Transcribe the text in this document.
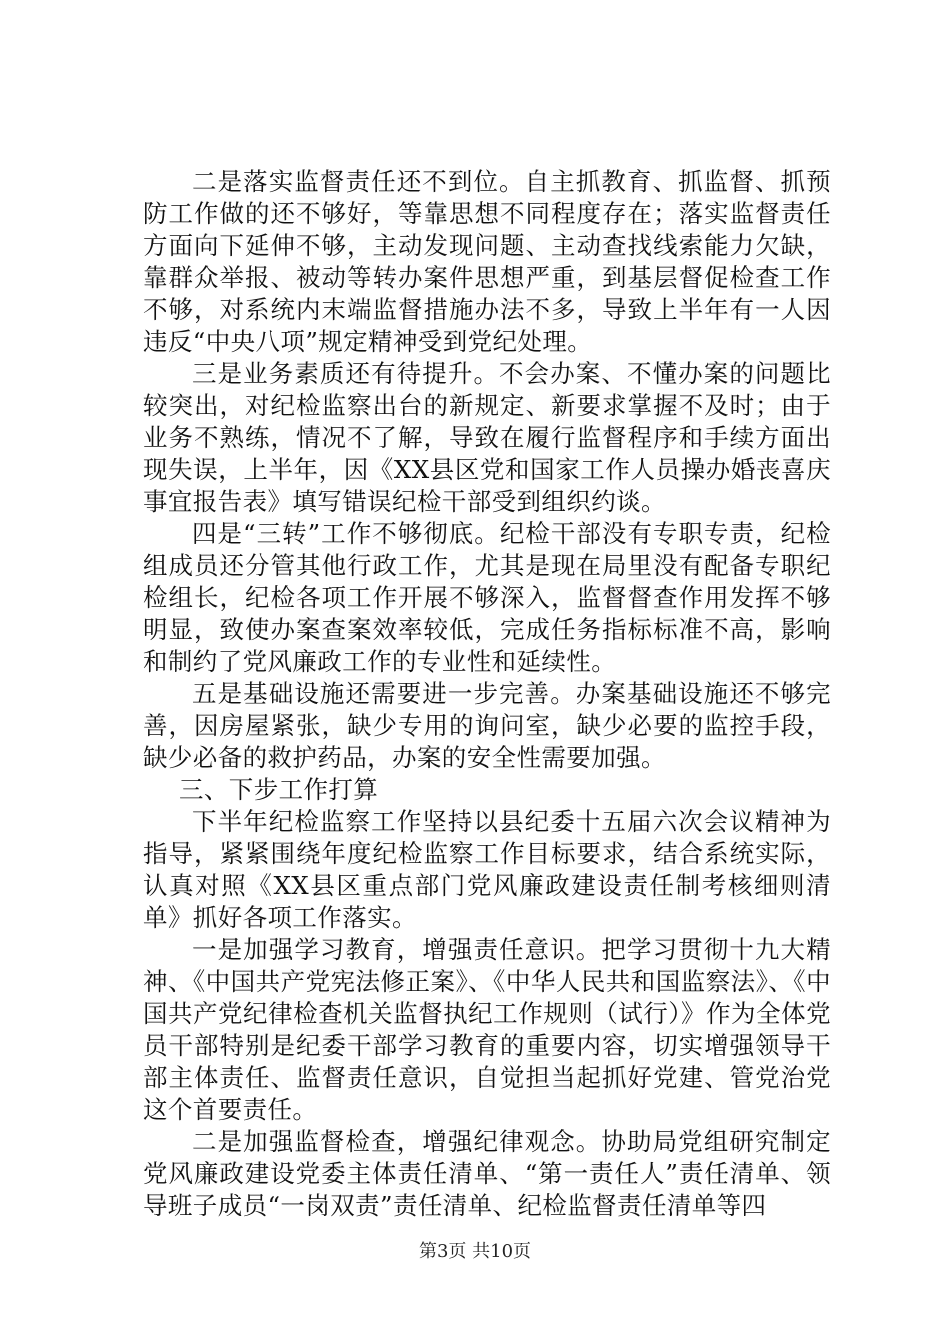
二是落实监督责任还不到位。自主抓教育、抓监督、抓预防工作做的还不够好，等靠思想不同程度存在；落实监督责任方面向下延伸不够，主动发现问题、主动查找线索能力欠缺，靠群众举报、被动等转办案件思想严重，到基层督促检查工作不够，对系统内末端监督措施办法不多，导致上半年有一人因违反“中央八项”规定精神受到党纪处理。

三是业务素质还有待提升。不会办案、不懂办案的问题比较突出，对纪检监察出台的新规定、新要求掌握不及时；由于业务不熟练，情况不了解，导致在履行监督程序和手续方面出现失误，上半年，因《XX县区党和国家工作人员操办婚丧喜庆事宜报告表》填写错误纪检干部受到组织约谈。

四是“三转”工作不够彻底。纪检干部没有专职专责，纪检组成员还分管其他行政工作，尤其是现在局里没有配备专职纪检组长，纪检各项工作开展不够深入，监督督查作用发挥不够明显，致使办案查案效率较低，完成任务指标标准不高，影响和制约了党风廉政工作的专业性和延续性。

五是基础设施还需要进一步完善。办案基础设施还不够完善，因房屋紧张，缺少专用的询问室，缺少必要的监控手段，缺少必备的救护药品，办案的安全性需要加强。

三、下步工作打算

下半年纪检监察工作坚持以县纪委十五届六次会议精神为指导，紧紧围绕年度纪检监察工作目标要求，结合系统实际，认真对照《XX县区重点部门党风廉政建设责任制考核细则清单》抓好各项工作落实。

一是加强学习教育，增强责任意识。把学习贯彻十九大精神、《中国共产党宪法修正案》、《中华人民共和国监察法》、《中国共产党纪律检查机关监督执纪工作规则（试行）》作为全体党员干部特别是纪委干部学习教育的重要内容，切实增强领导干部主体责任、监督责任意识，自觉担当起抓好党建、管党治党这个首要责任。

二是加强监督检查，增强纪律观念。协助局党组研究制定党风廉政建设党委主体责任清单、“第一责任人”责任清单、领导班子成员“一岗双责”责任清单、纪检监督责任清单等四

第3页 共10页
